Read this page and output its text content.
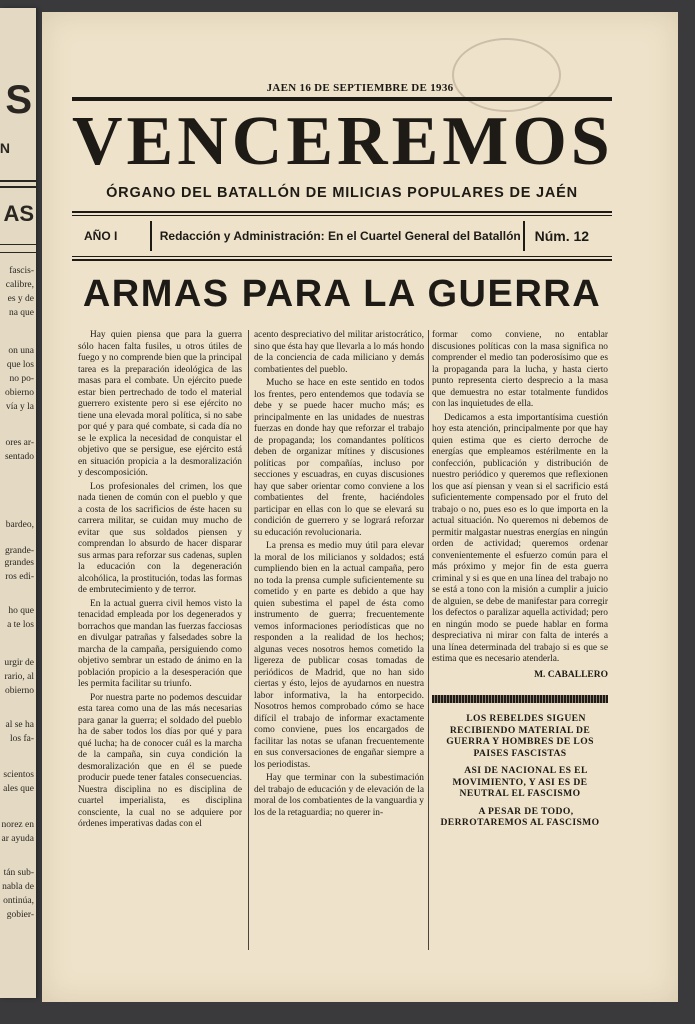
S
N
AS
fascis-
calibre,
es y de
na que
on una
que los
no po-
obierno
vía y la
ores ar-
sentado
bardeo,
grande-
grandes
ros edi-
ho que
a te los
urgir de
rario, al
obierno
al se ha
los fa-
scientos
ales que
norez en
ar ayuda
tán sub-
nabla de
ontinúa,
gobier-
JAEN 16 DE SEPTIEMBRE DE 1936
VENCEREMOS
ÓRGANO DEL BATALLÓN DE MILICIAS POPULARES DE JAÉN
AÑO I	Redacción y Administración: En el Cuartel General del Batallón Núm. 12
ARMAS PARA LA GUERRA

Hay quien piensa que para la guerra sólo hacen falta fusiles, u otros útiles de fuego y no comprende bien que la principal tarea es la preparación ideológica de las masas para el combate. Un ejército puede estar bien pertrechado de todo el material guerrero existente pero si ese ejército no tiene una elevada moral política, si no sabe por qué y para qué combate, si cada día no se le explica la necesidad de conquistar el objetivo que se persigue, ese ejército está en situación propicia a la desmoralización y descomposición.

Los profesionales del crimen, los que nada tienen de común con el pueblo y que a costa de los sacrificios de éste hacen su carrera militar, se cuidan muy mucho de evitar que sus soldados piensen y comprendan lo absurdo de hacer disparar sus armas para reforzar sus cadenas, suplen la educación con la degeneración alcohólica, la prostitución, todas las formas de embrutecimiento y de terror.

En la actual guerra civil hemos visto la tenacidad empleada por los degenerados y borrachos que mandan las fuerzas facciosas en divulgar patrañas y falsedades sobre la marcha de la campaña, persiguiendo como objetivo sembrar un estado de ánimo en la población propicio a la desesperación que les permita facilitar su triunfo.

Por nuestra parte no podemos descuidar esta tarea como una de las más necesarias para ganar la guerra; el soldado del pueblo ha de saber todos los días por qué y para qué lucha; ha de conocer cuál es la marcha de la campaña, sin cuya condición la desmoralización que en él se puede producir puede tener fatales consecuencias. Nuestra disciplina no es disciplina de cuartel imperialista, es disciplina consciente, la cual no se adquiere por órdenes imperativas dadas con el

acento despreciativo del militar aristocrático, sino que ésta hay que llevarla a lo más hondo de la conciencia de cada miliciano y demás combatientes del pueblo.

Mucho se hace en este sentido en todos los frentes, pero entendemos que todavía se debe y se puede hacer mucho más; es principalmente en las unidades de nuestras fuerzas en donde hay que reforzar el trabajo de propaganda; los comandantes políticos deben de organizar mítines y discusiones políticas por compañías, incluso por secciones y escuadras, en cuyas discusiones hay que saber orientar como conviene a los combatientes del frente, haciéndoles participar en ellas con lo que se elevará su condición de guerrero y se logrará reforzar su educación revolucionaria.

La prensa es medio muy útil para elevar la moral de los milicianos y soldados; está cumpliendo bien en la actual campaña, pero no toda la prensa cumple suficientemente su cometido y en parte es debido a que hay quien subestima el papel de ésta como instrumento de guerra; frecuentemente vemos informaciones periodísticas que no responden a la realidad de los hechos; algunas veces nosotros hemos cometido la ligereza de publicar cosas tomadas de periódicos de Madrid, que no han sido ciertas y ésto, lejos de ayudarnos en nuestra labor informativa, la ha entorpecido. Nosotros hemos comprobado cómo se hace difícil el trabajo de informar exactamente como conviene, pues los encargados de facilitar las notas se ufanan frecuentemente en sus conversaciones de engañar siempre a los periodistas.

Hay que terminar con la subestimación del trabajo de educación y de elevación de la moral de los combatientes de la vanguardia y los de la retaguardia; no querer in-

formar como conviene, no entablar discusiones políticas con la masa significa no comprender el medio tan poderosísimo que es la propaganda para la lucha, y hasta cierto punto representa cierto desprecio a la masa que demuestra no estar totalmente fundidos con las inquietudes de ella.

Dedicamos a esta importantísima cuestión hoy esta atención, principalmente por que hay quien estima que es cierto derroche de energías que empleamos estérilmente en la confección, publicación y distribución de nuestro periódico y queremos que reflexionen los que así piensan y vean si el sacrificio está suficientemente compensado por el fruto del trabajo o no, pues eso es lo que importa en la actual situación. No queremos ni debemos de permitir malgastar nuestras energías en ningún orden de actividad; queremos ordenar convenientemente el esfuerzo común para el más próximo y mejor fin de esta guerra criminal y si es que en una línea del trabajo no se está a tono con la misión a cumplir a juicio de alguien, se debe de manifestar para corregir los defectos o paralizar aquella actividad; pero en ningún modo se puede hablar en forma despreciativa ni mirar con falta de interés a una línea determinada del trabajo si es que se estima que es necesario atenderla.

M. CABALLERO

LOS REBELDES SIGUEN RECIBIENDO MATERIAL DE GUERRA Y HOMBRES DE LOS PAISES FASCISTAS

ASI DE NACIONAL ES EL MOVIMIENTO, Y ASI ES DE NEUTRAL EL FASCISMO

A PESAR DE TODO, DERROTAREMOS AL FASCISMO
